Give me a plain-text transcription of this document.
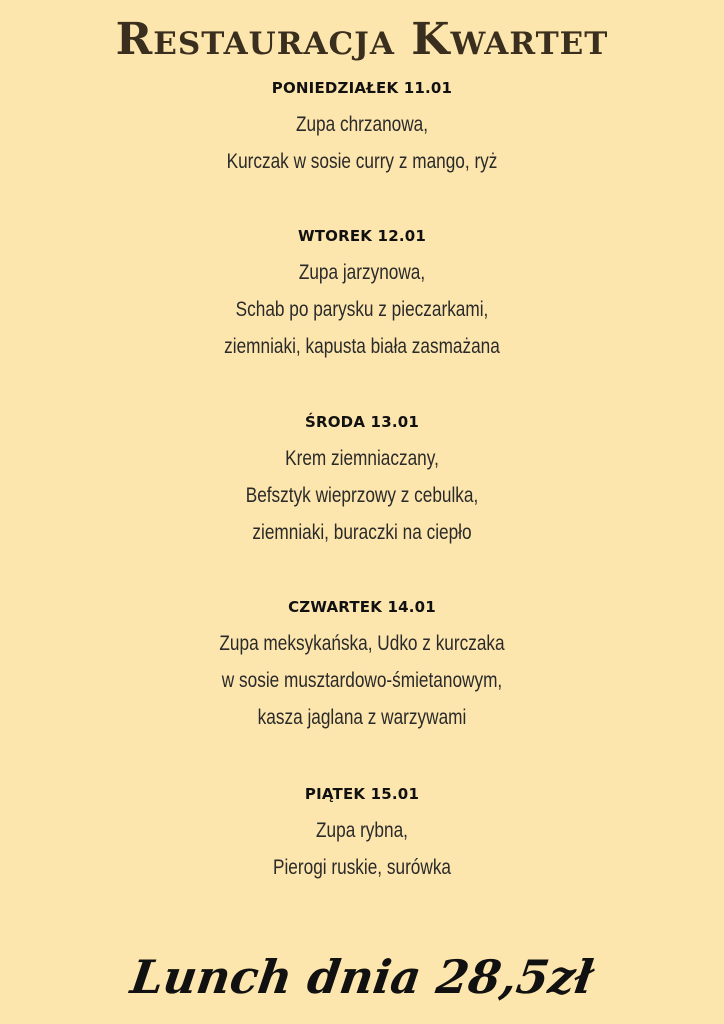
Restauracja Kwartet

PONIEDZIAŁEK 11.01

Zupa chrzanowa,

Kurczak w sosie curry z mango, ryż

WTOREK 12.01

Zupa jarzynowa,

Schab po parysku z pieczarkami,

ziemniaki, kapusta biała zasmażana

ŚRODA 13.01

Krem ziemniaczany,

Befsztyk wieprzowy z cebulka,

ziemniaki, buraczki na ciepło

CZWARTEK 14.01

Zupa meksykańska, Udko z kurczaka

w sosie musztardowo-śmietanowym,

kasza jaglana z warzywami

PIĄTEK 15.01

Zupa rybna,

Pierogi ruskie, surówka

Lunch dnia 28,5zł
